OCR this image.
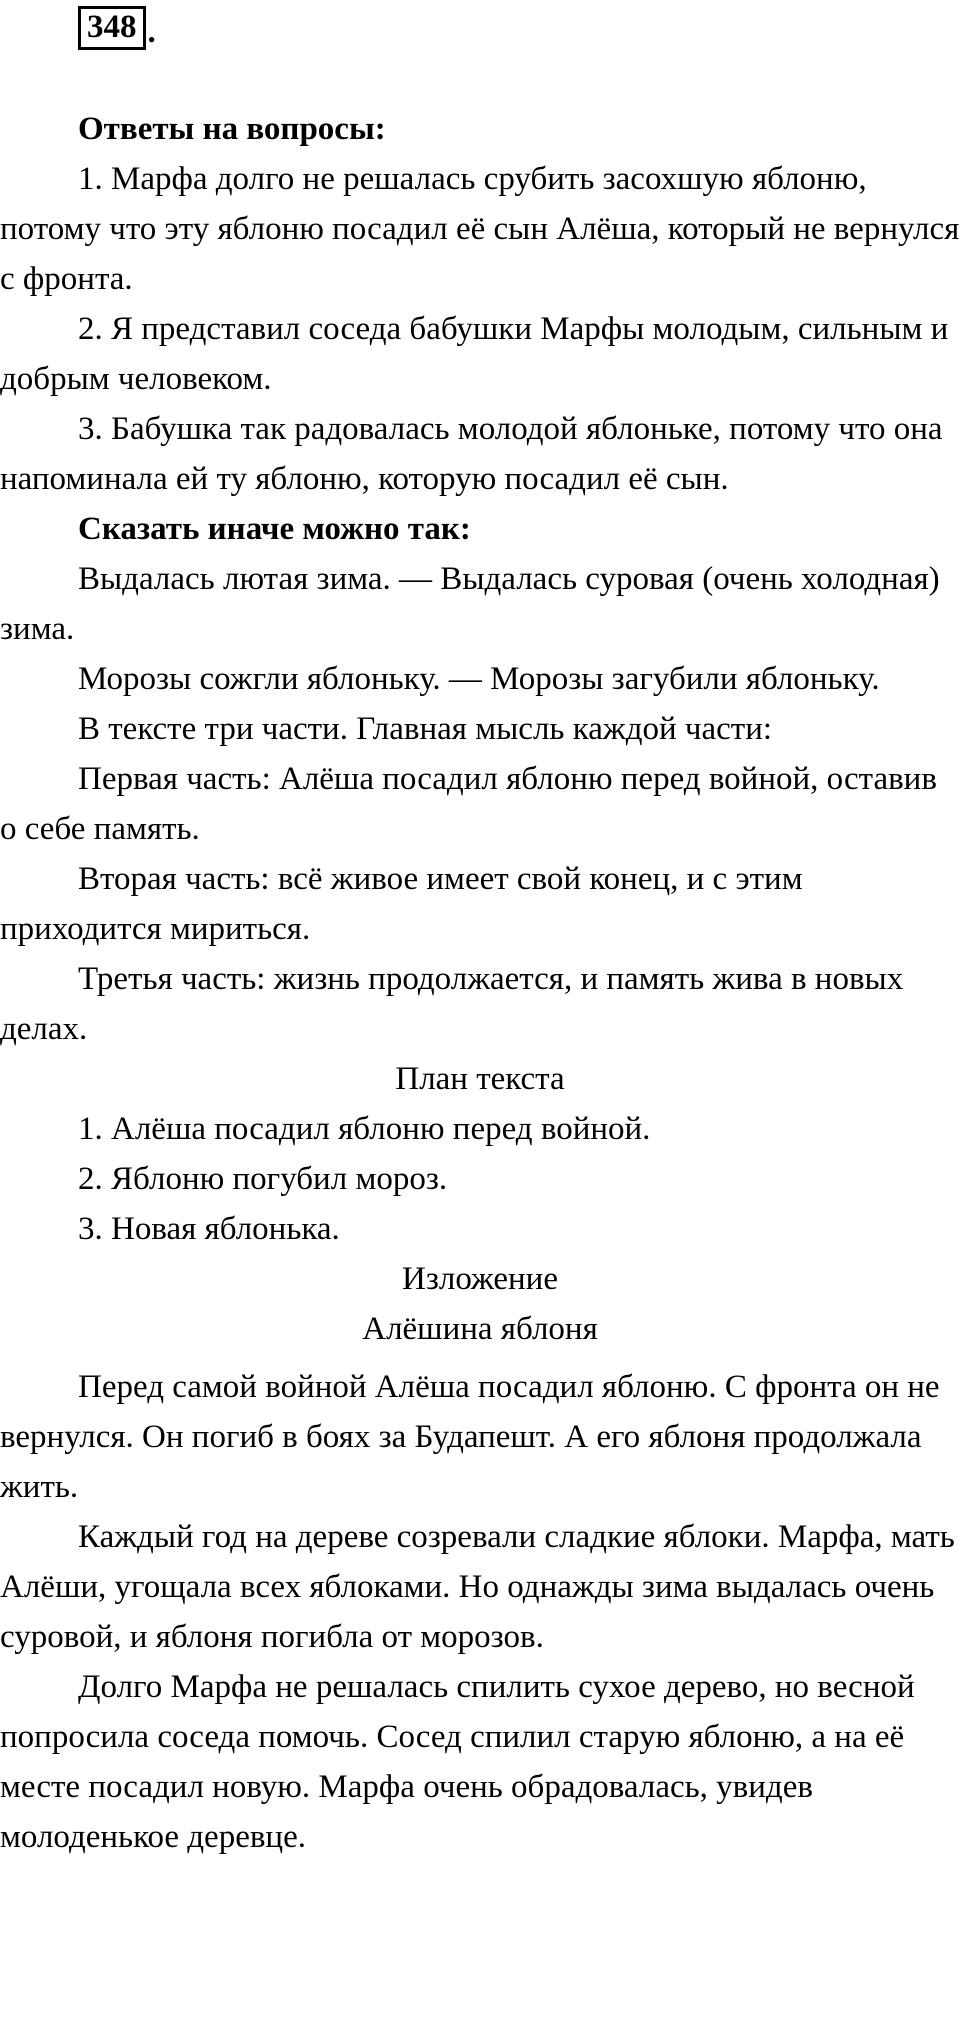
348 .

Ответы на вопросы:

1. Марфа долго не решалась срубить засохшую яблоню, потому что эту яблоню посадил её сын Алёша, который не вернулся с фронта.

2. Я представил соседа бабушки Марфы молодым, сильным и добрым человеком.

3. Бабушка так радовалась молодой яблоньке, потому что она напоминала ей ту яблоню, которую посадил её сын.

Сказать иначе можно так:

Выдалась лютая зима. — Выдалась суровая (очень холодная) зима.

Морозы сожгли яблоньку. — Морозы загубили яблоньку.

В тексте три части. Главная мысль каждой части:

Первая часть: Алёша посадил яблоню перед войной, оставив о себе память.

Вторая часть: всё живое имеет свой конец, и с этим приходится мириться.

Третья часть: жизнь продолжается, и память жива в новых делах.

План текста

1. Алёша посадил яблоню перед войной.

2. Яблоню погубил мороз.

3. Новая яблонька.

Изложение

Алёшина яблоня

Перед самой войной Алёша посадил яблоню. С фронта он не вернулся. Он погиб в боях за Будапешт. А его яблоня продолжала жить.

Каждый год на дереве созревали сладкие яблоки. Марфа, мать Алёши, угощала всех яблоками. Но однажды зима выдалась очень суровой, и яблоня погибла от морозов.

Долго Марфа не решалась спилить сухое дерево, но весной попросила соседа помочь. Сосед спилил старую яблоню, а на её месте посадил новую. Марфа очень обрадовалась, увидев молоденькое деревце.
